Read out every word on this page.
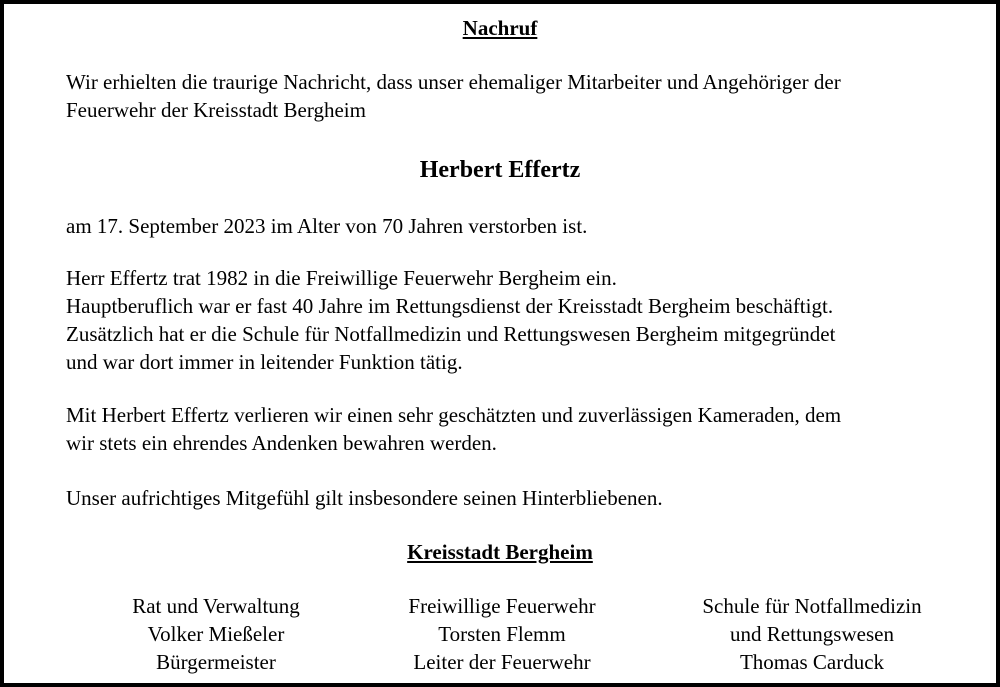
Nachruf

Wir erhielten die traurige Nachricht, dass unser ehemaliger Mitarbeiter und Angehöriger der
Feuerwehr der Kreisstadt Bergheim

Herbert Effertz

am 17. September 2023 im Alter von 70 Jahren verstorben ist.

Herr Effertz trat 1982 in die Freiwillige Feuerwehr Bergheim ein.
Hauptberuflich war er fast 40 Jahre im Rettungsdienst der Kreisstadt Bergheim beschäftigt.
Zusätzlich hat er die Schule für Notfallmedizin und Rettungswesen Bergheim mitgegründet
und war dort immer in leitender Funktion tätig.

Mit Herbert Effertz verlieren wir einen sehr geschätzten und zuverlässigen Kameraden, dem
wir stets ein ehrendes Andenken bewahren werden.

Unser aufrichtiges Mitgefühl gilt insbesondere seinen Hinterbliebenen.

Kreisstadt Bergheim
Rat und Verwaltung
Volker Mießeler
Bürgermeister
Freiwillige Feuerwehr
Torsten Flemm
Leiter der Feuerwehr
Schule für Notfallmedizin
und Rettungswesen
Thomas Carduck
